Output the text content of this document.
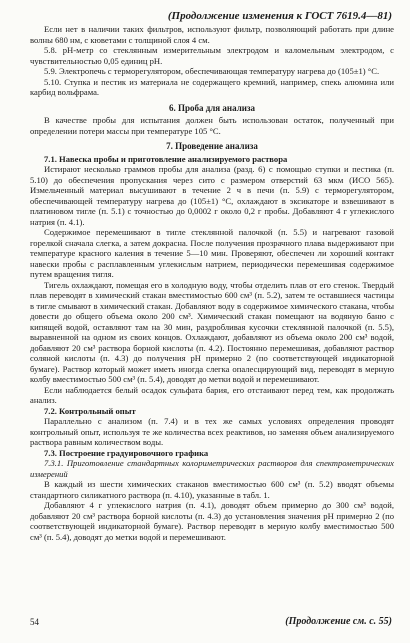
(Продолжение изменения к ГОСТ 7619.4—81)

Если нет в наличии таких фильтров, используют фильтр, позволяющий работать при длине волны 680 нм, с кюветами с толщиной слоя 4 см.

5.8. pH-метр со стеклянным измерительным электродом и каломельным электродом, с чувствительностью 0,05 единиц pH.

5.9. Электропечь с терморегулятором, обеспечивающая температуру нагрева до (105±1) °С.

5.10. Ступка и пестик из материала не содержащего кремний, например, спекь алюмина или карбид вольфрама.

6. Проба для анализа

В качестве пробы для испытания должен быть использован остаток, полученный при определении потери массы при температуре 105 °С.

7. Проведение анализа

7.1. Навеска пробы и приготовление анализируемого раствора

Истирают несколько граммов пробы для анализа (разд. 6) с помощью ступки и пестика (п. 5.10) до обеспечения пропускания через сито с размером отверстий 63 мкм (ИСО 565). Измельченный материал высушивают в течение 2 ч в печи (п. 5.9) с терморегулятором, обеспечивающей температуру нагрева до (105±1) °С, охлаждают в эксикаторе и взвешивают в платиновом тигле (п. 5.1) с точностью до 0,0002 г около 0,2 г пробы. Добавляют 4 г углекислого натрия (п. 4.1).

Содержимое перемешивают в тигле стеклянной палочкой (п. 5.5) и нагревают газовой горелкой сначала слегка, а затем докрасна. После получения прозрачного плава выдерживают при температуре красного каления в течение 5—10 мин. Проверяют, обеспечен ли хороший контакт навески пробы с расплавленным углекислым натрием, периодически перемешивая содержимое путем вращения тигля.

Тигель охлаждают, помещая его в холодную воду, чтобы отделить плав от его стенок. Твердый плав переводят в химический стакан вместимостью 600 см³ (п. 5.2), затем те оставшиеся частицы в тигле смывают в химический стакан. Добавляют воду в содержимое химического стакана, чтобы довести до общего объема около 200 см³. Химический стакан помещают на водяную баню с кипящей водой, оставляют там на 30 мин, раздробливая кусочки стеклянной палочкой (п. 5.5), выравненной на одном из своих концов. Охлаждают, добавляют из объема около 200 см³ водой, добавляют 20 см³ раствора борной кислоты (п. 4.2). Постоянно перемешивая, добавляют раствор соляной кислоты (п. 4.3) до получения pH примерно 2 (по соответствующей индикаторной бумаге). Раствор который может иметь иногда слегка опалесцирующий вид, переводят в мерную колбу вместимостью 500 см³ (п. 5.4), доводят до метки водой и перемешивают.

Если наблюдается белый осадок сульфата бария, его отстаивают перед тем, как продолжать анализ.

7.2. Контрольный опыт

Параллельно с анализом (п. 7.4) и в тех же самых условиях определения проводят контрольный опыт, используя те же количества всех реактивов, но заменяя объем анализируемого раствора равным количеством воды.

7.3. Построение градуировочного графика

7.3.1. Приготовление стандартных колориметрических растворов для спектрометрических измерений

В каждый из шести химических стаканов вместимостью 600 см³ (п. 5.2) вводят объемы стандартного силикатного раствора (п. 4.10), указанные в табл. 1.

Добавляют 4 г углекислого натрия (п. 4.1), доводят объем примерно до 300 см³ водой, добавляют 20 см³ раствора борной кислоты (п. 4.3) до установления значения pH примерно 2 (по соответствующей индикаторной бумаге). Раствор переводят в мерную колбу вместимостью 500 см³ (п. 5.4), доводят до метки водой и перемешивают.

54	(Продолжение см. с. 55)
